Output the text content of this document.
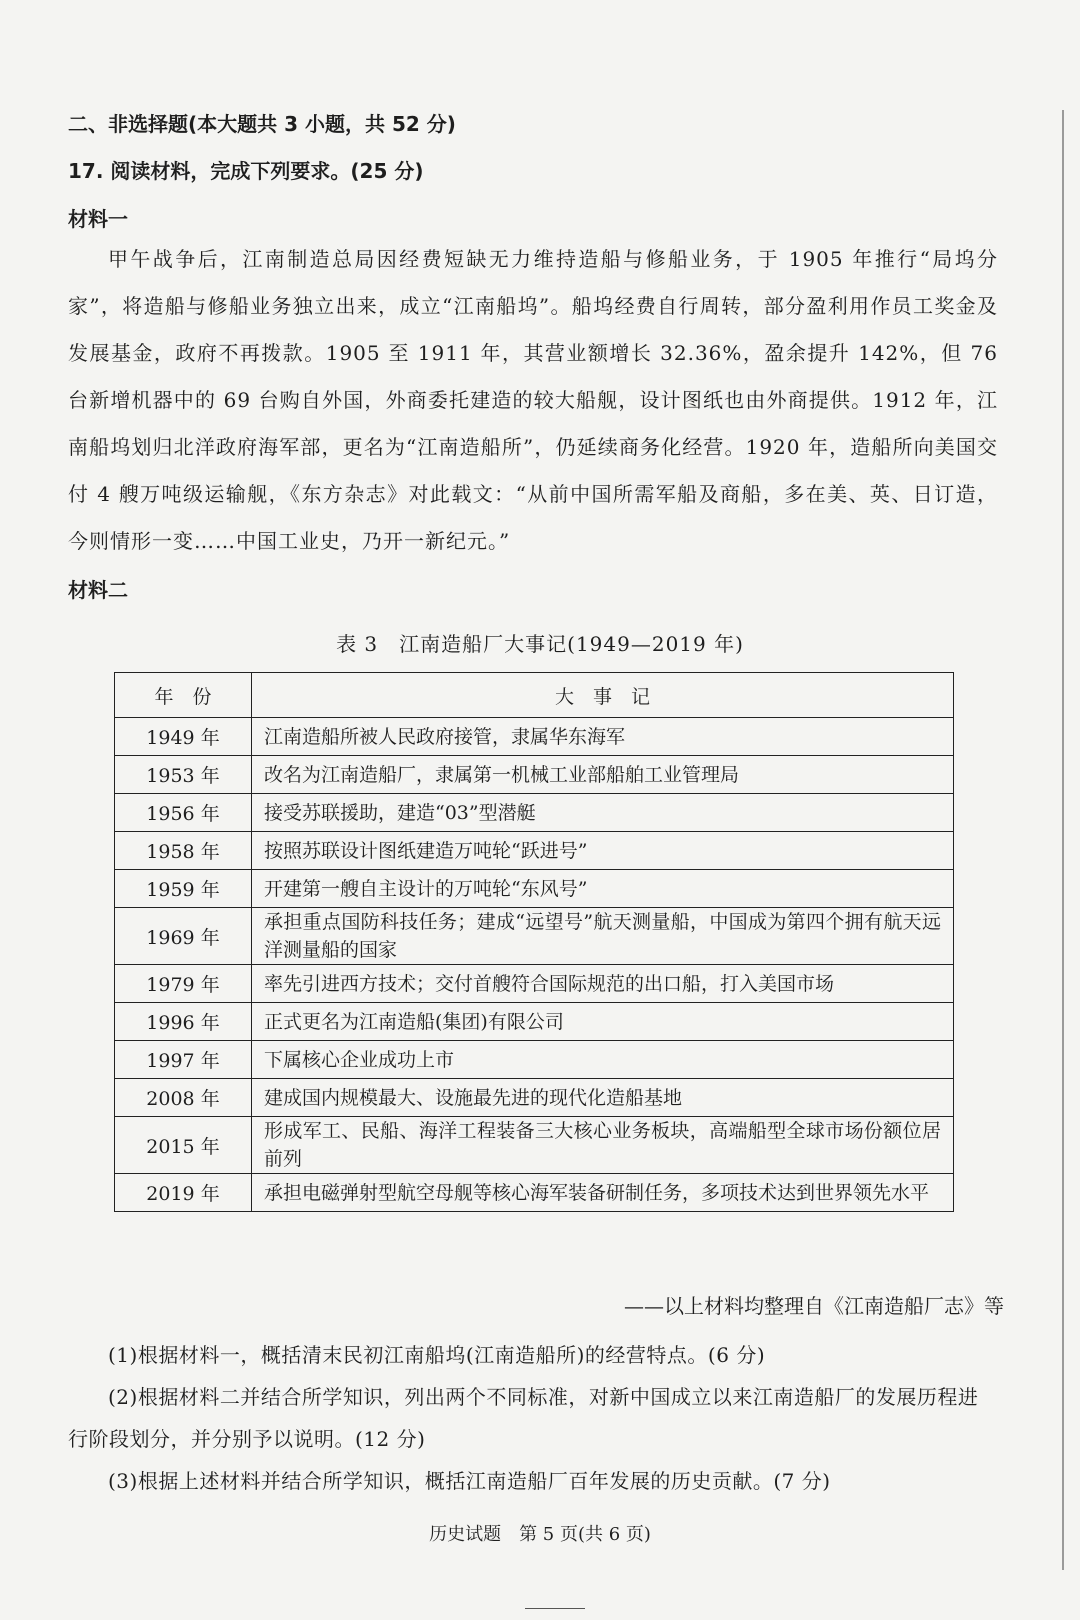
二、非选择题(本大题共 3 小题，共 52 分)
17. 阅读材料，完成下列要求。(25 分)
材料一
甲午战争后，江南制造总局因经费短缺无力维持造船与修船业务，于 1905 年推行“局坞分家”，将造船与修船业务独立出来，成立“江南船坞”。船坞经费自行周转，部分盈利用作员工奖金及发展基金，政府不再拨款。1905 至 1911 年，其营业额增长 32.36%，盈余提升 142%，但 76 台新增机器中的 69 台购自外国，外商委托建造的较大船舰，设计图纸也由外商提供。1912 年，江南船坞划归北洋政府海军部，更名为“江南造船所”，仍延续商务化经营。1920 年，造船所向美国交付 4 艘万吨级运输舰，《东方杂志》对此载文：“从前中国所需军船及商船，多在美、英、日订造，今则情形一变……中国工业史，乃开一新纪元。”
材料二
表 3　江南造船厂大事记(1949—2019 年)
年　份	大　事　记
1949 年	江南造船所被人民政府接管，隶属华东海军
1953 年	改名为江南造船厂，隶属第一机械工业部船舶工业管理局
1956 年	接受苏联援助，建造“03”型潜艇
1958 年	按照苏联设计图纸建造万吨轮“跃进号”
1959 年	开建第一艘自主设计的万吨轮“东风号”
1969 年	承担重点国防科技任务；建成“远望号”航天测量船，中国成为第四个拥有航天远洋测量船的国家
1979 年	率先引进西方技术；交付首艘符合国际规范的出口船，打入美国市场
1996 年	正式更名为江南造船(集团)有限公司
1997 年	下属核心企业成功上市
2008 年	建成国内规模最大、设施最先进的现代化造船基地
2015 年	形成军工、民船、海洋工程装备三大核心业务板块，高端船型全球市场份额位居前列
2019 年	承担电磁弹射型航空母舰等核心海军装备研制任务，多项技术达到世界领先水平
——以上材料均整理自《江南造船厂志》等
(1)根据材料一，概括清末民初江南船坞(江南造船所)的经营特点。(6 分)
(2)根据材料二并结合所学知识，列出两个不同标准，对新中国成立以来江南造船厂的发展历程进行阶段划分，并分别予以说明。(12 分)
(3)根据上述材料并结合所学知识，概括江南造船厂百年发展的历史贡献。(7 分)
历史试题　第 5 页(共 6 页)
